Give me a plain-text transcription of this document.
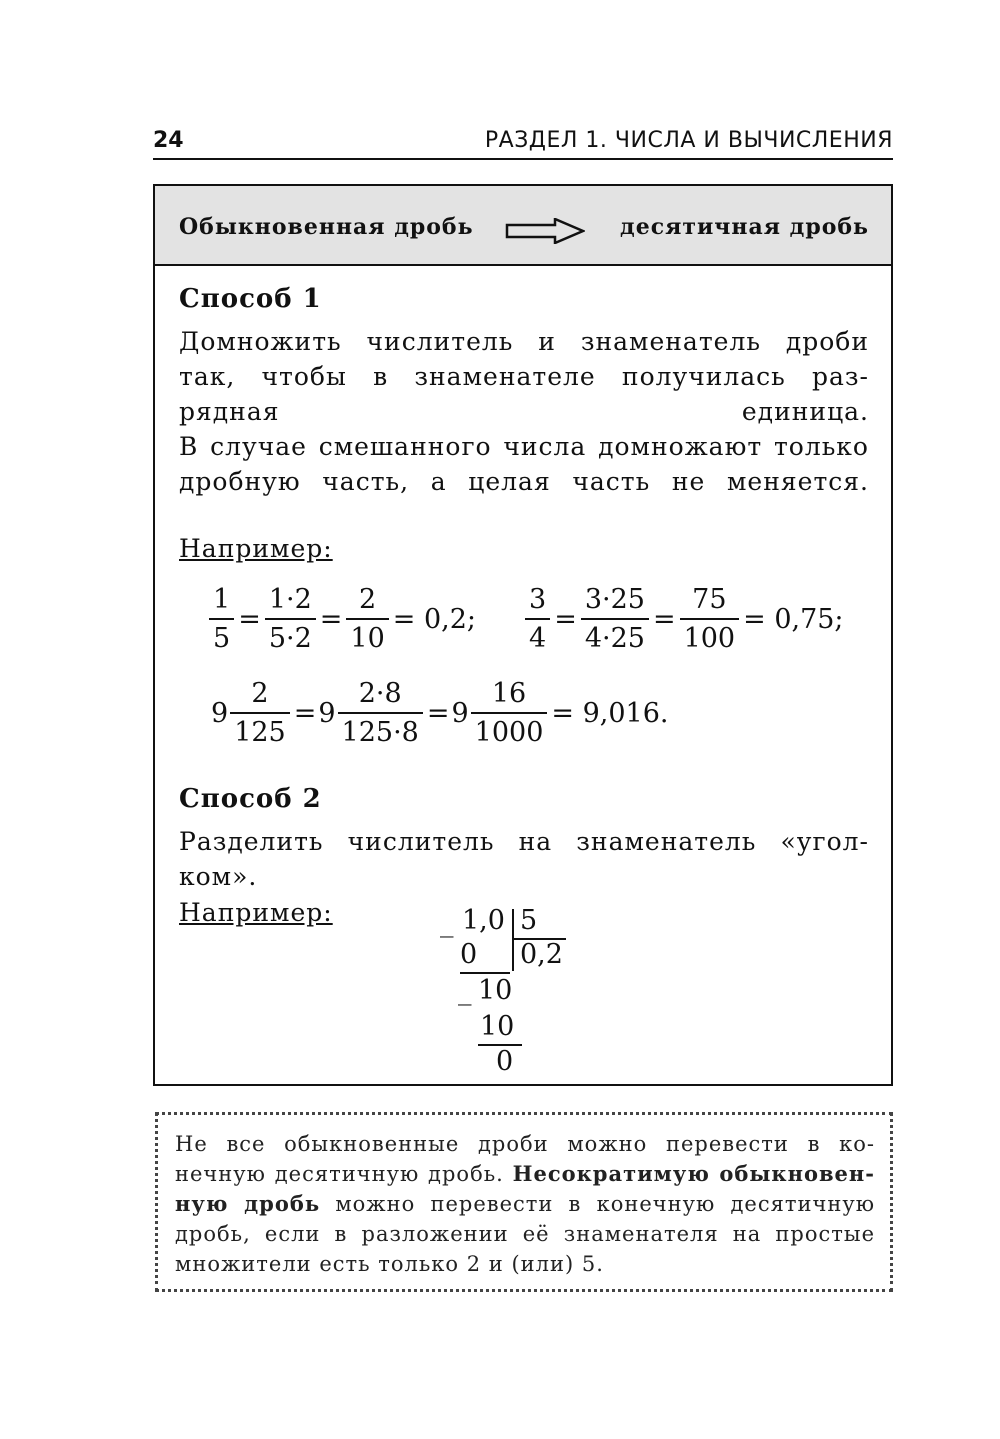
24	РАЗДЕЛ 1. ЧИСЛА И ВЫЧИСЛЕНИЯ
Обыкновенная дробь	десятичная дробь
Способ 1
Домножить числитель и знаменатель дроби так, чтобы в знаменателе получилась раз-рядная единица.
В случае смешанного числа домножают только дробную часть, а целая часть не меняется.
Например:
$\frac{1}{5} = \frac{1\cdot 2}{5\cdot 2} = \frac{2}{10} = 0,2$; $\frac{3}{4} = \frac{3\cdot 25}{4\cdot 25} = \frac{75}{100} = 0,75$;
$9 \frac{2}{125} = 9 \frac{2\cdot 8}{125\cdot 8} = 9 \frac{16}{1000} = 9,016$.
Способ 2
Разделить числитель на знаменатель «угол-ком».
Например:	_ 1,0 5
0 0,2
_ 10
10
0
Не все обыкновенные дроби можно перевести в ко-нечную десятичную дробь. Несократимую обыкновен-ную дробь можно перевести в конечную десятичную дробь, если в разложении её знаменателя на простые множители есть только 2 и (или) 5.
